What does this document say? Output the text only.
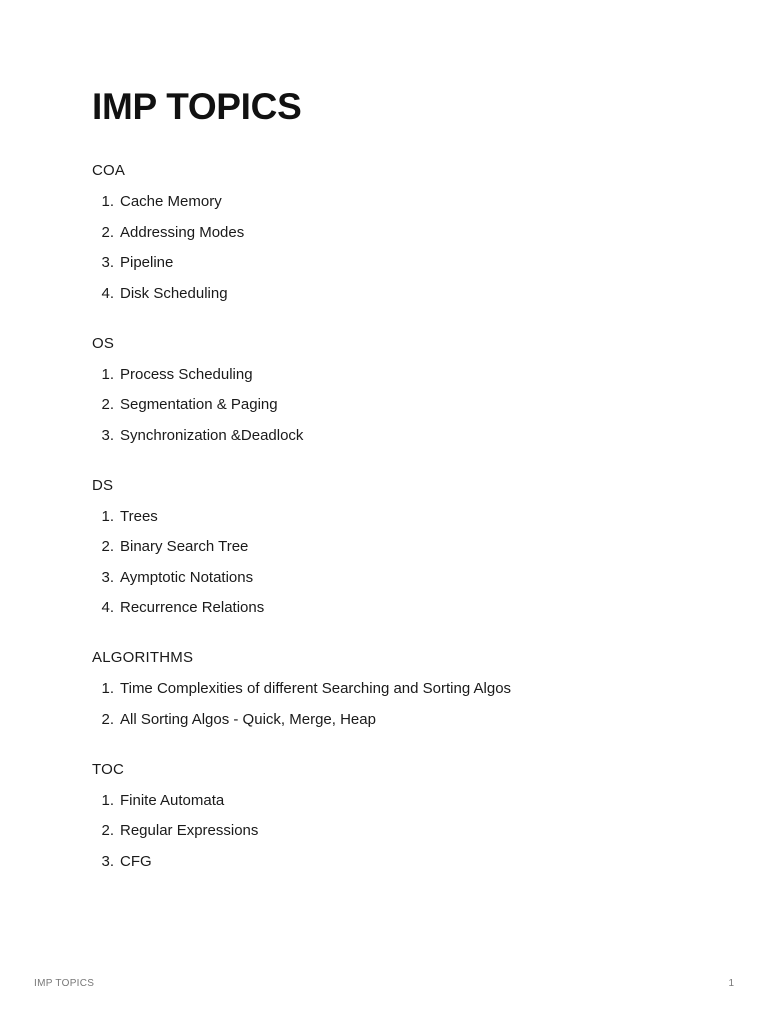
IMP TOPICS
COA
1. Cache Memory
2. Addressing Modes
3. Pipeline
4. Disk Scheduling
OS
1. Process Scheduling
2. Segmentation & Paging
3. Synchronization &Deadlock
DS
1. Trees
2. Binary Search Tree
3. Aymptotic Notations
4. Recurrence Relations
ALGORITHMS
1. Time Complexities of different Searching and Sorting Algos
2. All Sorting Algos - Quick, Merge, Heap
TOC
1. Finite Automata
2. Regular Expressions
3. CFG
IMP TOPICS	1
